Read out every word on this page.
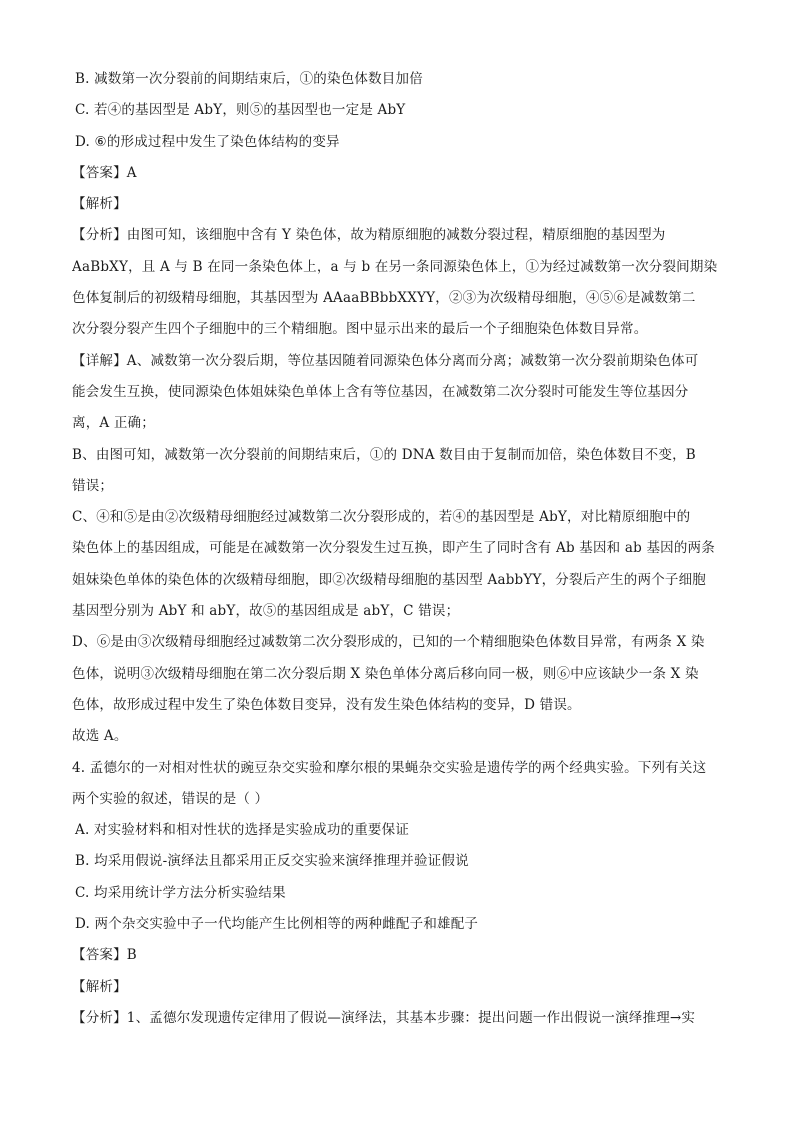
B. 减数第一次分裂前的间期结束后，①的染色体数目加倍
C. 若④的基因型是 AbY，则⑤的基因型也一定是 AbY
D. ⑥的形成过程中发生了染色体结构的变异
【答案】A
【解析】
【分析】由图可知，该细胞中含有 Y 染色体，故为精原细胞的减数分裂过程，精原细胞的基因型为
AaBbXY，且 A 与 B 在同一条染色体上，a 与 b 在另一条同源染色体上，①为经过减数第一次分裂间期染
色体复制后的初级精母细胞，其基因型为 AAaaBBbbXXYY，②③为次级精母细胞，④⑤⑥是减数第二
次分裂分裂产生四个子细胞中的三个精细胞。图中显示出来的最后一个子细胞染色体数目异常。
【详解】A、减数第一次分裂后期，等位基因随着同源染色体分离而分离；减数第一次分裂前期染色体可
能会发生互换，使同源染色体姐妹染色单体上含有等位基因，在减数第二次分裂时可能发生等位基因分
离，A 正确；
B、由图可知，减数第一次分裂前的间期结束后，①的 DNA 数目由于复制而加倍，染色体数目不变，B
错误；
C、④和⑤是由②次级精母细胞经过减数第二次分裂形成的，若④的基因型是 AbY，对比精原细胞中的
染色体上的基因组成，可能是在减数第一次分裂发生过互换，即产生了同时含有 Ab 基因和 ab 基因的两条
姐妹染色单体的染色体的次级精母细胞，即②次级精母细胞的基因型 AabbYY，分裂后产生的两个子细胞
基因型分别为 AbY 和 abY，故⑤的基因组成是 abY，C 错误；
D、⑥是由③次级精母细胞经过减数第二次分裂形成的，已知的一个精细胞染色体数目异常，有两条 X 染
色体，说明③次级精母细胞在第二次分裂后期 X 染色单体分离后移向同一极，则⑥中应该缺少一条 X 染
色体，故形成过程中发生了染色体数目变异，没有发生染色体结构的变异，D 错误。
故选 A。
4. 孟德尔的一对相对性状的豌豆杂交实验和摩尔根的果蝇杂交实验是遗传学的两个经典实验。下列有关这
两个实验的叙述，错误的是（ ）
A. 对实验材料和相对性状的选择是实验成功的重要保证
B. 均采用假说-演绎法且都采用正反交实验来演绎推理并验证假说
C. 均采用统计学方法分析实验结果
D. 两个杂交实验中子一代均能产生比例相等的两种雌配子和雄配子
【答案】B
【解析】
【分析】1、孟德尔发现遗传定律用了假说—演绎法，其基本步骤：提出问题一作出假说一演绎推理→实
